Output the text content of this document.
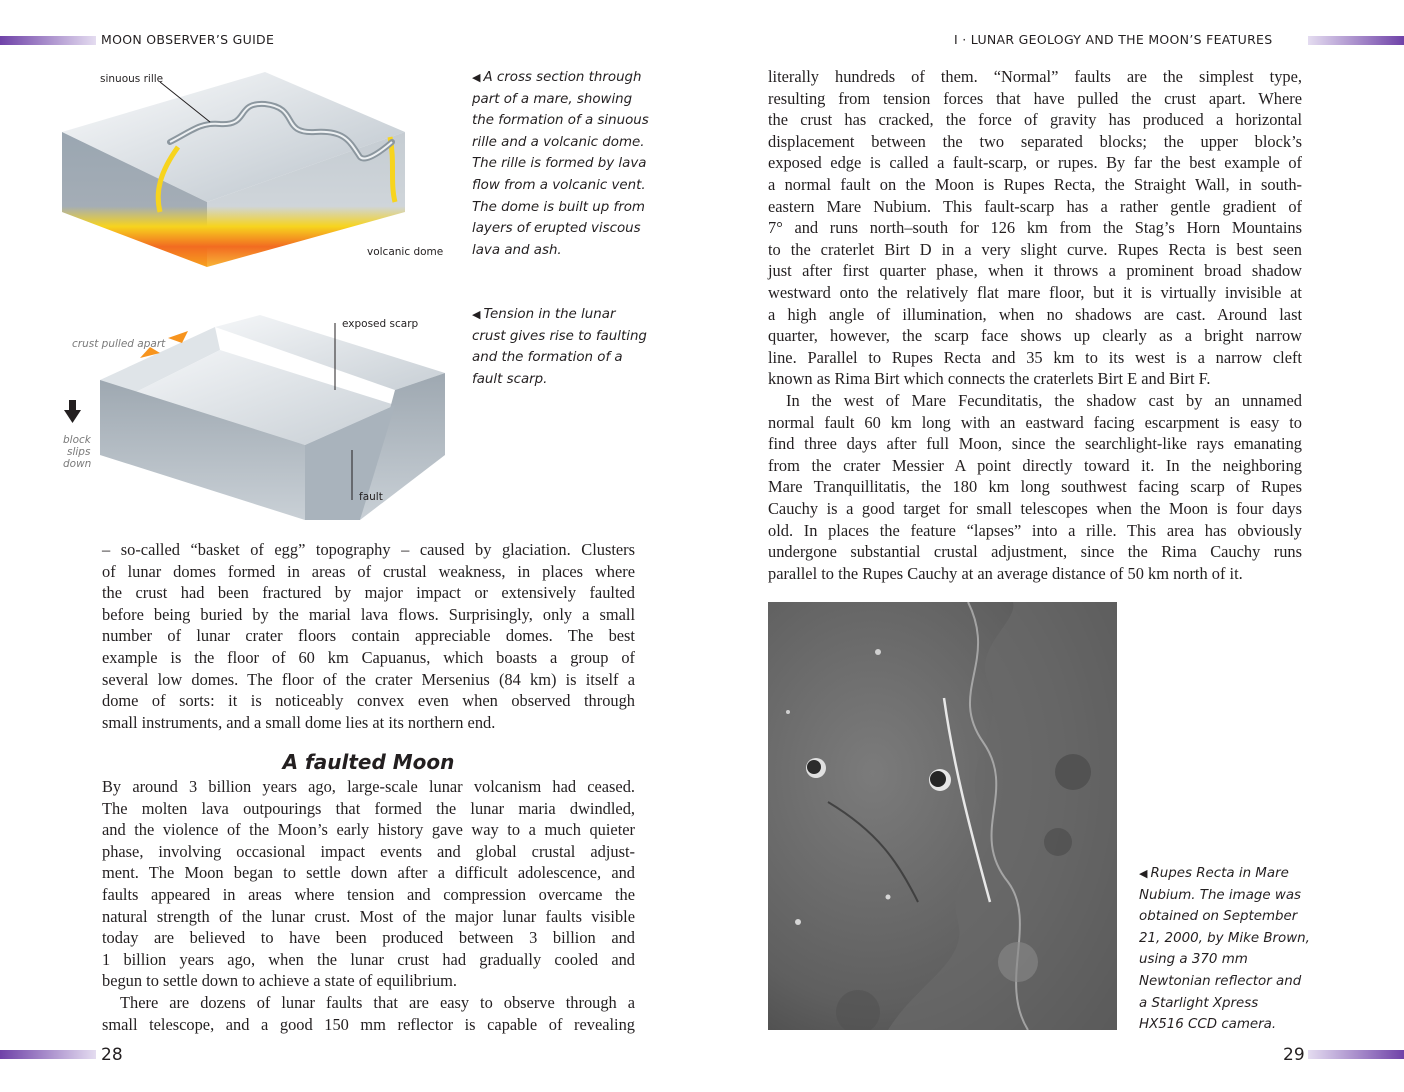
MOON OBSERVER’S GUIDE	I · LUNAR GEOLOGY AND THE MOON’S FEATURES
sinuous rille
volcanic dome
◀ A cross section through
part of a mare, showing
the formation of a sinuous
rille and a volcanic dome.
The rille is formed by lava
flow from a volcanic vent.
The dome is built up from
layers of erupted viscous
lava and ash.
exposed scarp
crust pulled apart
block
slips
down
fault
◀ Tension in the lunar
crust gives rise to faulting
and the formation of a
fault scarp.
– so-called “basket of egg” topography – caused by glaciation. Clusters
of lunar domes formed in areas of crustal weakness, in places where
the crust had been fractured by major impact or extensively faulted
before being buried by the marial lava flows. Surprisingly, only a small
number of lunar crater floors contain appreciable domes. The best
example is the floor of 60 km Capuanus, which boasts a group of
several low domes. The floor of the crater Mersenius (84 km) is itself a
dome of sorts: it is noticeably convex even when observed through
small instruments, and a small dome lies at its northern end.
A faulted Moon
By around 3 billion years ago, large-scale lunar volcanism had ceased.
The molten lava outpourings that formed the lunar maria dwindled,
and the violence of the Moon’s early history gave way to a much quieter
phase, involving occasional impact events and global crustal adjust-
ment. The Moon began to settle down after a difficult adolescence, and
faults appeared in areas where tension and compression overcame the
natural strength of the lunar crust. Most of the major lunar faults visible
today are believed to have been produced between 3 billion and
1 billion years ago, when the lunar crust had gradually cooled and
begun to settle down to achieve a state of equilibrium.
There are dozens of lunar faults that are easy to observe through a
small telescope, and a good 150 mm reflector is capable of revealing
literally hundreds of them. “Normal” faults are the simplest type,
resulting from tension forces that have pulled the crust apart. Where
the crust has cracked, the force of gravity has produced a horizontal
displacement between the two separated blocks; the upper block’s
exposed edge is called a fault-scarp, or rupes. By far the best example of
a normal fault on the Moon is Rupes Recta, the Straight Wall, in south-
eastern Mare Nubium. This fault-scarp has a rather gentle gradient of
7° and runs north–south for 126 km from the Stag’s Horn Mountains
to the craterlet Birt D in a very slight curve. Rupes Recta is best seen
just after first quarter phase, when it throws a prominent broad shadow
westward onto the relatively flat mare floor, but it is virtually invisible at
a high angle of illumination, when no shadows are cast. Around last
quarter, however, the scarp face shows up clearly as a bright narrow
line. Parallel to Rupes Recta and 35 km to its west is a narrow cleft
known as Rima Birt which connects the craterlets Birt E and Birt F.
In the west of Mare Fecunditatis, the shadow cast by an unnamed
normal fault 60 km long with an eastward facing escarpment is easy to
find three days after full Moon, since the searchlight-like rays emanating
from the crater Messier A point directly toward it. In the neighboring
Mare Tranquillitatis, the 180 km long southwest facing scarp of Rupes
Cauchy is a good target for small telescopes when the Moon is four days
old. In places the feature “lapses” into a rille. This area has obviously
undergone substantial crustal adjustment, since the Rima Cauchy runs
parallel to the Rupes Cauchy at an average distance of 50 km north of it.
◀ Rupes Recta in Mare
Nubium. The image was
obtained on September
21, 2000, by Mike Brown,
using a 370 mm
Newtonian reflector and
a Starlight Xpress
HX516 CCD camera.
28	29
